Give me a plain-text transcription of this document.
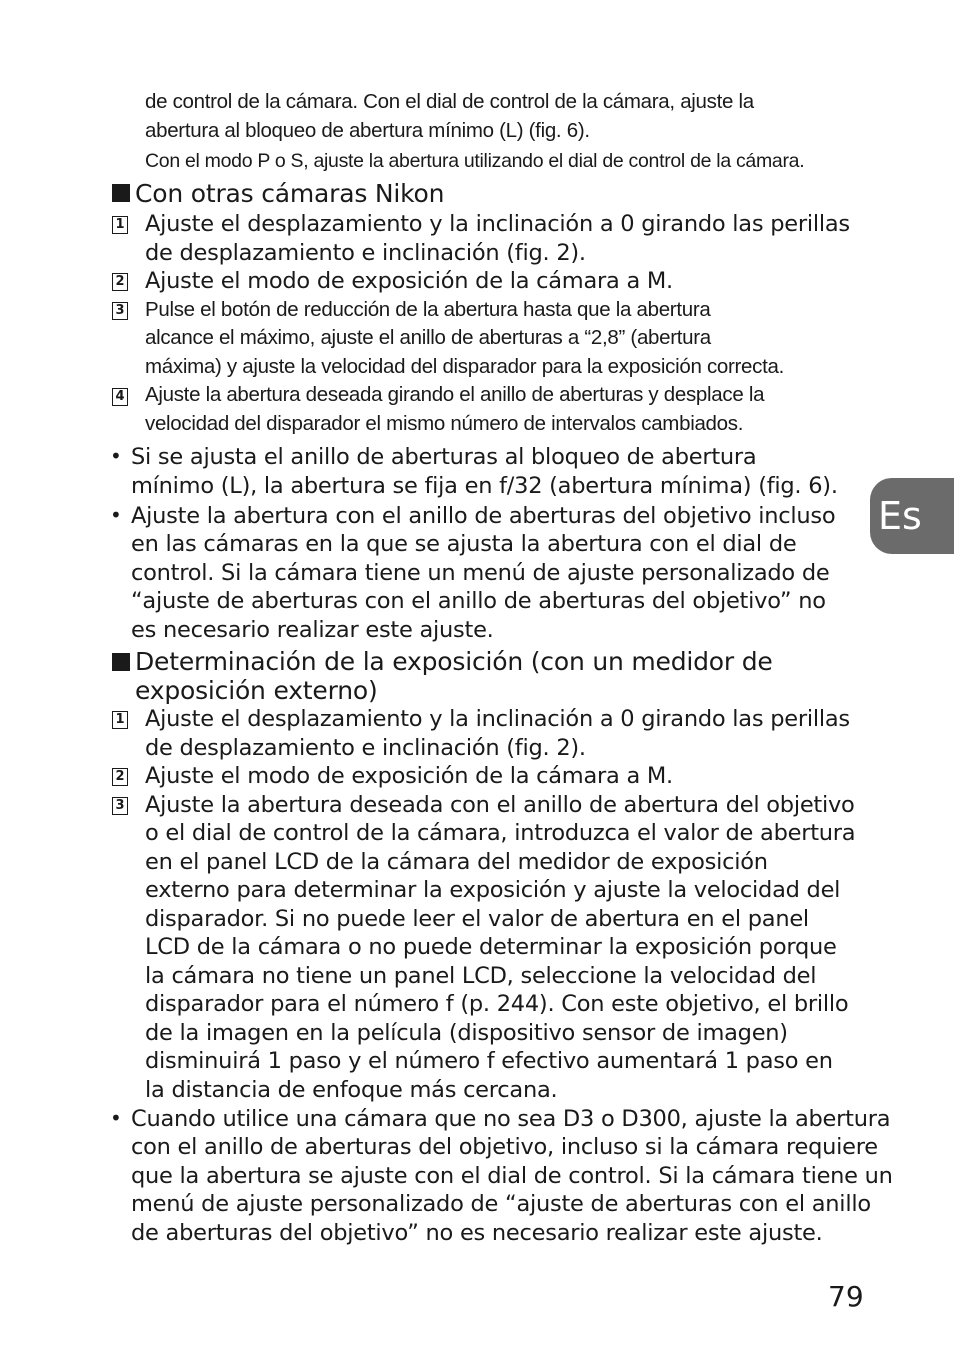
de control de la cámara. Con el dial de control de la cámara, ajuste la
abertura al bloqueo de abertura mínimo (L) (fig. 6).
Con el modo P o S, ajuste la abertura utilizando el dial de control de la cámara.
Con otras cámaras Nikon
1 Ajuste el desplazamiento y la inclinación a 0 girando las perillas
de desplazamiento e inclinación (fig. 2).
2 Ajuste el modo de exposición de la cámara a M.
3 Pulse el botón de reducción de la abertura hasta que la abertura
alcance el máximo, ajuste el anillo de aberturas a “2,8” (abertura
máxima) y ajuste la velocidad del disparador para la exposición correcta.
4 Ajuste la abertura deseada girando el anillo de aberturas y desplace la
velocidad del disparador el mismo número de intervalos cambiados.
• Si se ajusta el anillo de aberturas al bloqueo de abertura
mínimo (L), la abertura se fija en f/32 (abertura mínima) (fig. 6).
• Ajuste la abertura con el anillo de aberturas del objetivo incluso
en las cámaras en la que se ajusta la abertura con el dial de
control. Si la cámara tiene un menú de ajuste personalizado de
“ajuste de aberturas con el anillo de aberturas del objetivo” no
es necesario realizar este ajuste.
Determinación de la exposición (con un medidor de
exposición externo)
1 Ajuste el desplazamiento y la inclinación a 0 girando las perillas
de desplazamiento e inclinación (fig. 2).
2 Ajuste el modo de exposición de la cámara a M.
3 Ajuste la abertura deseada con el anillo de abertura del objetivo
o el dial de control de la cámara, introduzca el valor de abertura
en el panel LCD de la cámara del medidor de exposición
externo para determinar la exposición y ajuste la velocidad del
disparador. Si no puede leer el valor de abertura en el panel
LCD de la cámara o no puede determinar la exposición porque
la cámara no tiene un panel LCD, seleccione la velocidad del
disparador para el número f (p. 244). Con este objetivo, el brillo
de la imagen en la película (dispositivo sensor de imagen)
disminuirá 1 paso y el número f efectivo aumentará 1 paso en
la distancia de enfoque más cercana.
• Cuando utilice una cámara que no sea D3 o D300, ajuste la abertura
con el anillo de aberturas del objetivo, incluso si la cámara requiere
que la abertura se ajuste con el dial de control. Si la cámara tiene un
menú de ajuste personalizado de “ajuste de aberturas con el anillo
de aberturas del objetivo” no es necesario realizar este ajuste.
Es
79
